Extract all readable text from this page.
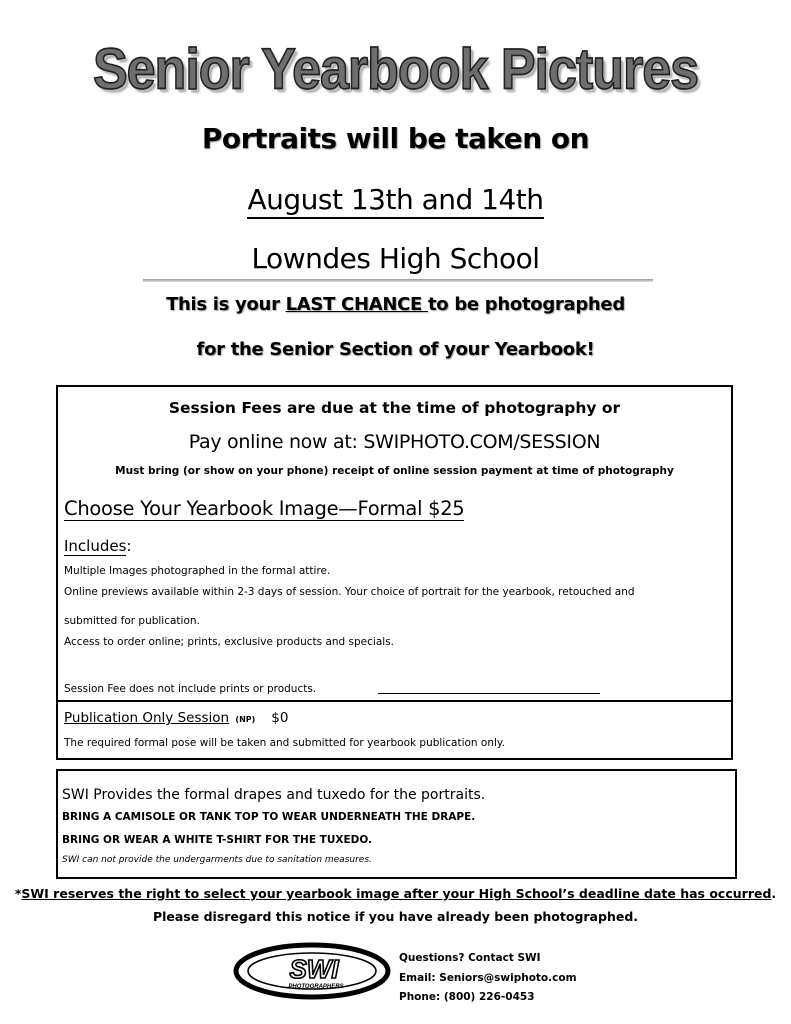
Senior Yearbook Pictures
Portraits will be taken on
August 13th and 14th
Lowndes High School
This is your LAST CHANCE to be photographed
for the Senior Section of your Yearbook!
Session Fees are due at the time of photography or
Pay online now at: SWIPHOTO.COM/SESSION
Must bring (or show on your phone) receipt of online session payment at time of photography
Choose Your Yearbook Image—Formal $25
Includes:
Multiple Images photographed in the formal attire.
Online previews available within 2-3 days of session. Your choice of portrait for the yearbook, retouched and
submitted for publication.
Access to order online; prints, exclusive products and specials.
Session Fee does not include prints or products.
Publication Only Session (NP) $0
The required formal pose will be taken and submitted for yearbook publication only.
SWI Provides the formal drapes and tuxedo for the portraits.
BRING A CAMISOLE OR TANK TOP TO WEAR UNDERNEATH THE DRAPE.
BRING OR WEAR A WHITE T-SHIRT FOR THE TUXEDO.
SWI can not provide the undergarments due to sanitation measures.
*SWI reserves the right to select your yearbook image after your High School’s deadline date has occurred.
Please disregard this notice if you have already been photographed.
SWI
PHOTOGRAPHERS
Questions? Contact SWI
Email: Seniors@swiphoto.com
Phone: (800) 226-0453
